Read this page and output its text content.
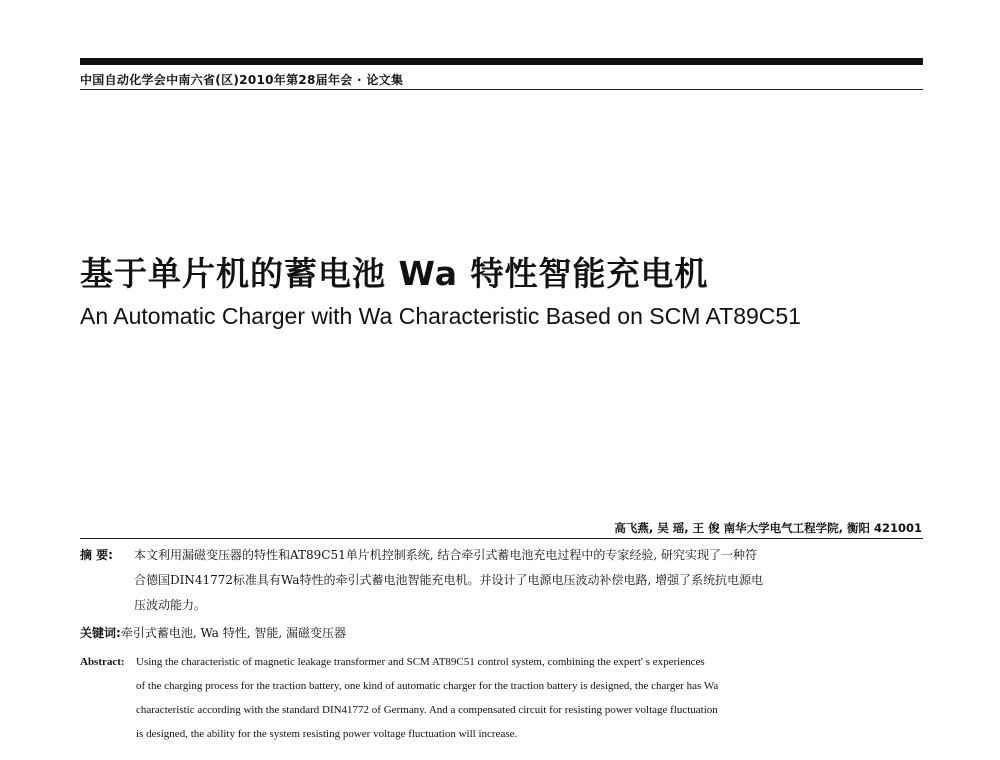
中国自动化学会中南六省(区)2010年第28届年会 · 论文集
基于单片机的蓄电池 Wa 特性智能充电机
An Automatic Charger with Wa Characteristic Based on SCM AT89C51
高飞燕, 吴 瑶, 王 俊 南华大学电气工程学院, 衡阳 421001
摘 要: 本文利用漏磁变压器的特性和AT89C51单片机控制系统, 结合牵引式蓄电池充电过程中的专家经验, 研究实现了一种符
合德国DIN41772标准具有Wa特性的牵引式蓄电池智能充电机。并设计了电源电压波动补偿电路, 增强了系统抗电源电
压波动能力。
关键词:牵引式蓄电池, Wa 特性, 智能, 漏磁变压器
Abstract: Using the characteristic of magnetic leakage transformer and SCM AT89C51 control system, combining the expert' s experiences
of the charging process for the traction battery, one kind of automatic charger for the traction battery is designed, the charger has Wa
characteristic according with the standard DIN41772 of Germany. And a compensated circuit for resisting power voltage fluctuation
is designed, the ability for the system resisting power voltage fluctuation will increase.
